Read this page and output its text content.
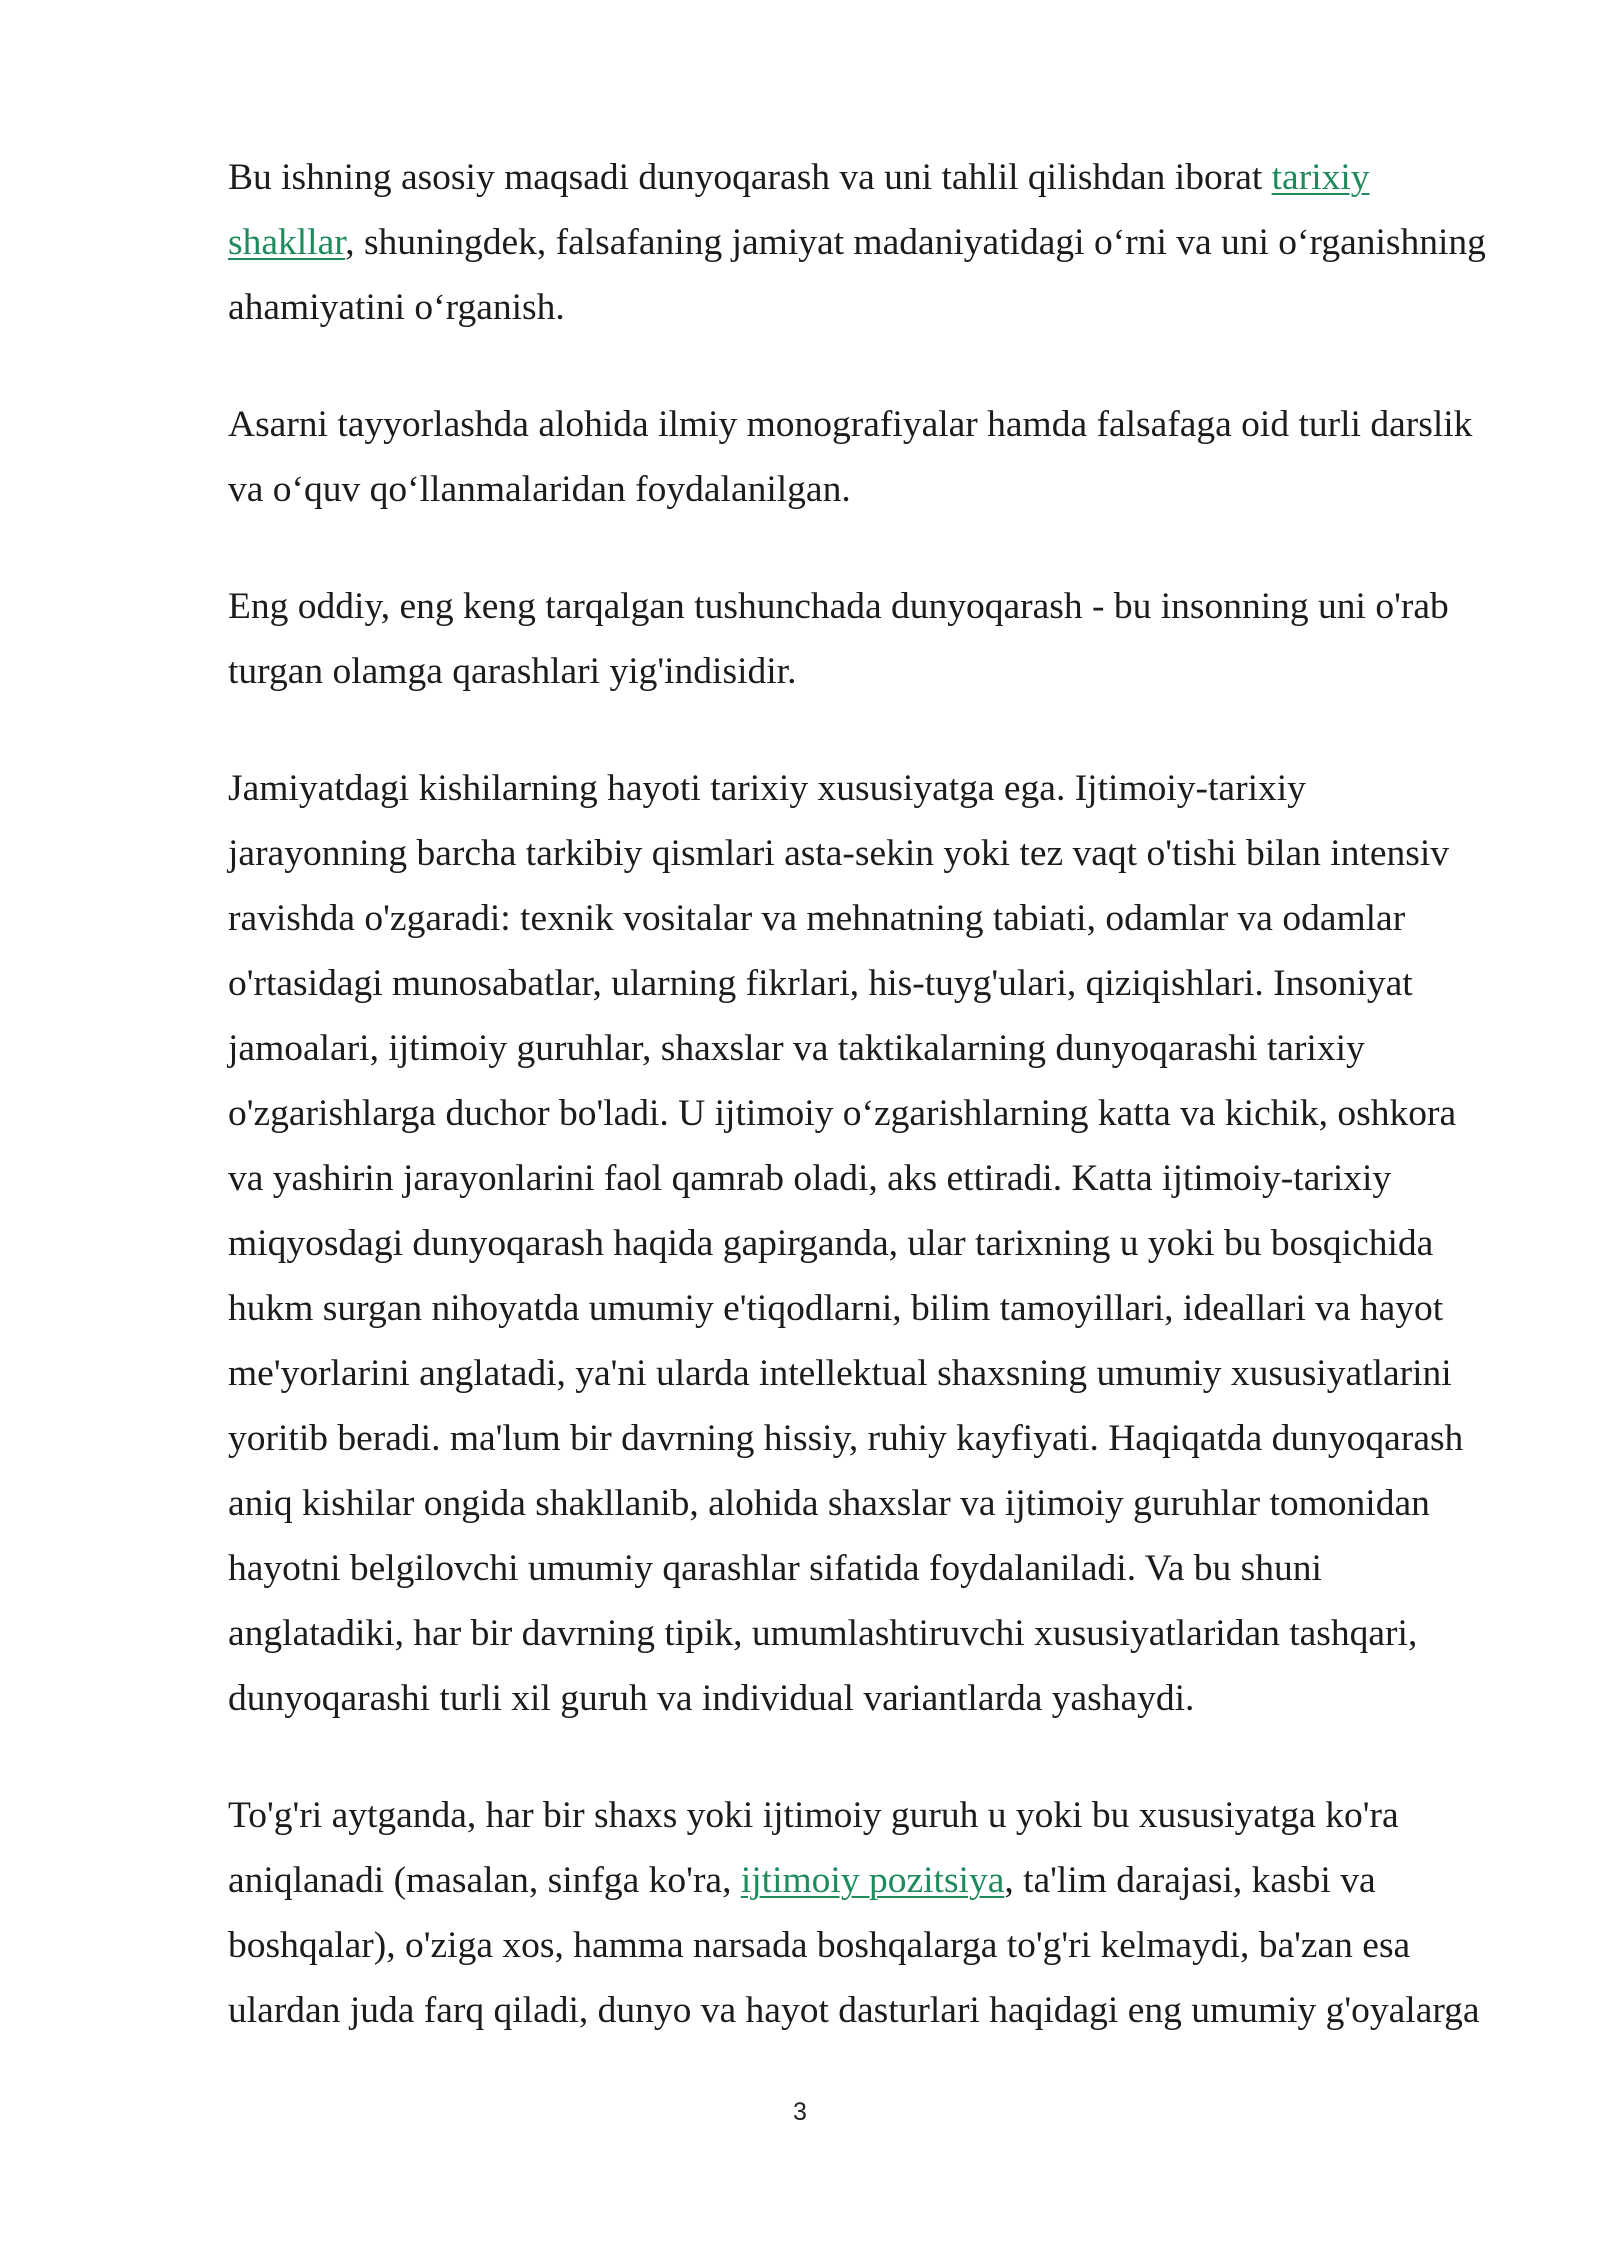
Bu ishning asosiy maqsadi dunyoqarash va uni tahlil qilishdan iborat tarixiy
shakllar, shuningdek, falsafaning jamiyat madaniyatidagi o‘rni va uni o‘rganishning ahamiyatini o‘rganish.

Asarni tayyorlashda alohida ilmiy monografiyalar hamda falsafaga oid turli darslik
va o‘quv qo‘llanmalaridan foydalanilgan.

Eng oddiy, eng keng tarqalgan tushunchada dunyoqarash - bu insonning uni o'rab
turgan olamga qarashlari yig'indisidir.

Jamiyatdagi kishilarning hayoti tarixiy xususiyatga ega. Ijtimoiy-tarixiy
jarayonning barcha tarkibiy qismlari asta-sekin yoki tez vaqt o'tishi bilan intensiv
ravishda o'zgaradi: texnik vositalar va mehnatning tabiati, odamlar va odamlar
o'rtasidagi munosabatlar, ularning fikrlari, his-tuyg'ulari, qiziqishlari. Insoniyat
jamoalari, ijtimoiy guruhlar, shaxslar va taktikalarning dunyoqarashi tarixiy
o'zgarishlarga duchor bo'ladi. U ijtimoiy o‘zgarishlarning katta va kichik, oshkora
va yashirin jarayonlarini faol qamrab oladi, aks ettiradi. Katta ijtimoiy-tarixiy
miqyosdagi dunyoqarash haqida gapirganda, ular tarixning u yoki bu bosqichida
hukm surgan nihoyatda umumiy e'tiqodlarni, bilim tamoyillari, ideallari va hayot
me'yorlarini anglatadi, ya'ni ularda intellektual shaxsning umumiy xususiyatlarini
yoritib beradi. ma'lum bir davrning hissiy, ruhiy kayfiyati. Haqiqatda dunyoqarash
aniq kishilar ongida shakllanib, alohida shaxslar va ijtimoiy guruhlar tomonidan
hayotni belgilovchi umumiy qarashlar sifatida foydalaniladi. Va bu shuni
anglatadiki, har bir davrning tipik, umumlashtiruvchi xususiyatlaridan tashqari,
dunyoqarashi turli xil guruh va individual variantlarda yashaydi.

To'g'ri aytganda, har bir shaxs yoki ijtimoiy guruh u yoki bu xususiyatga ko'ra
aniqlanadi (masalan, sinfga ko'ra, ijtimoiy pozitsiya, ta'lim darajasi, kasbi va
boshqalar), o'ziga xos, hamma narsada boshqalarga to'g'ri kelmaydi, ba'zan esa
ulardan juda farq qiladi, dunyo va hayot dasturlari haqidagi eng umumiy g'oyalarga

3
